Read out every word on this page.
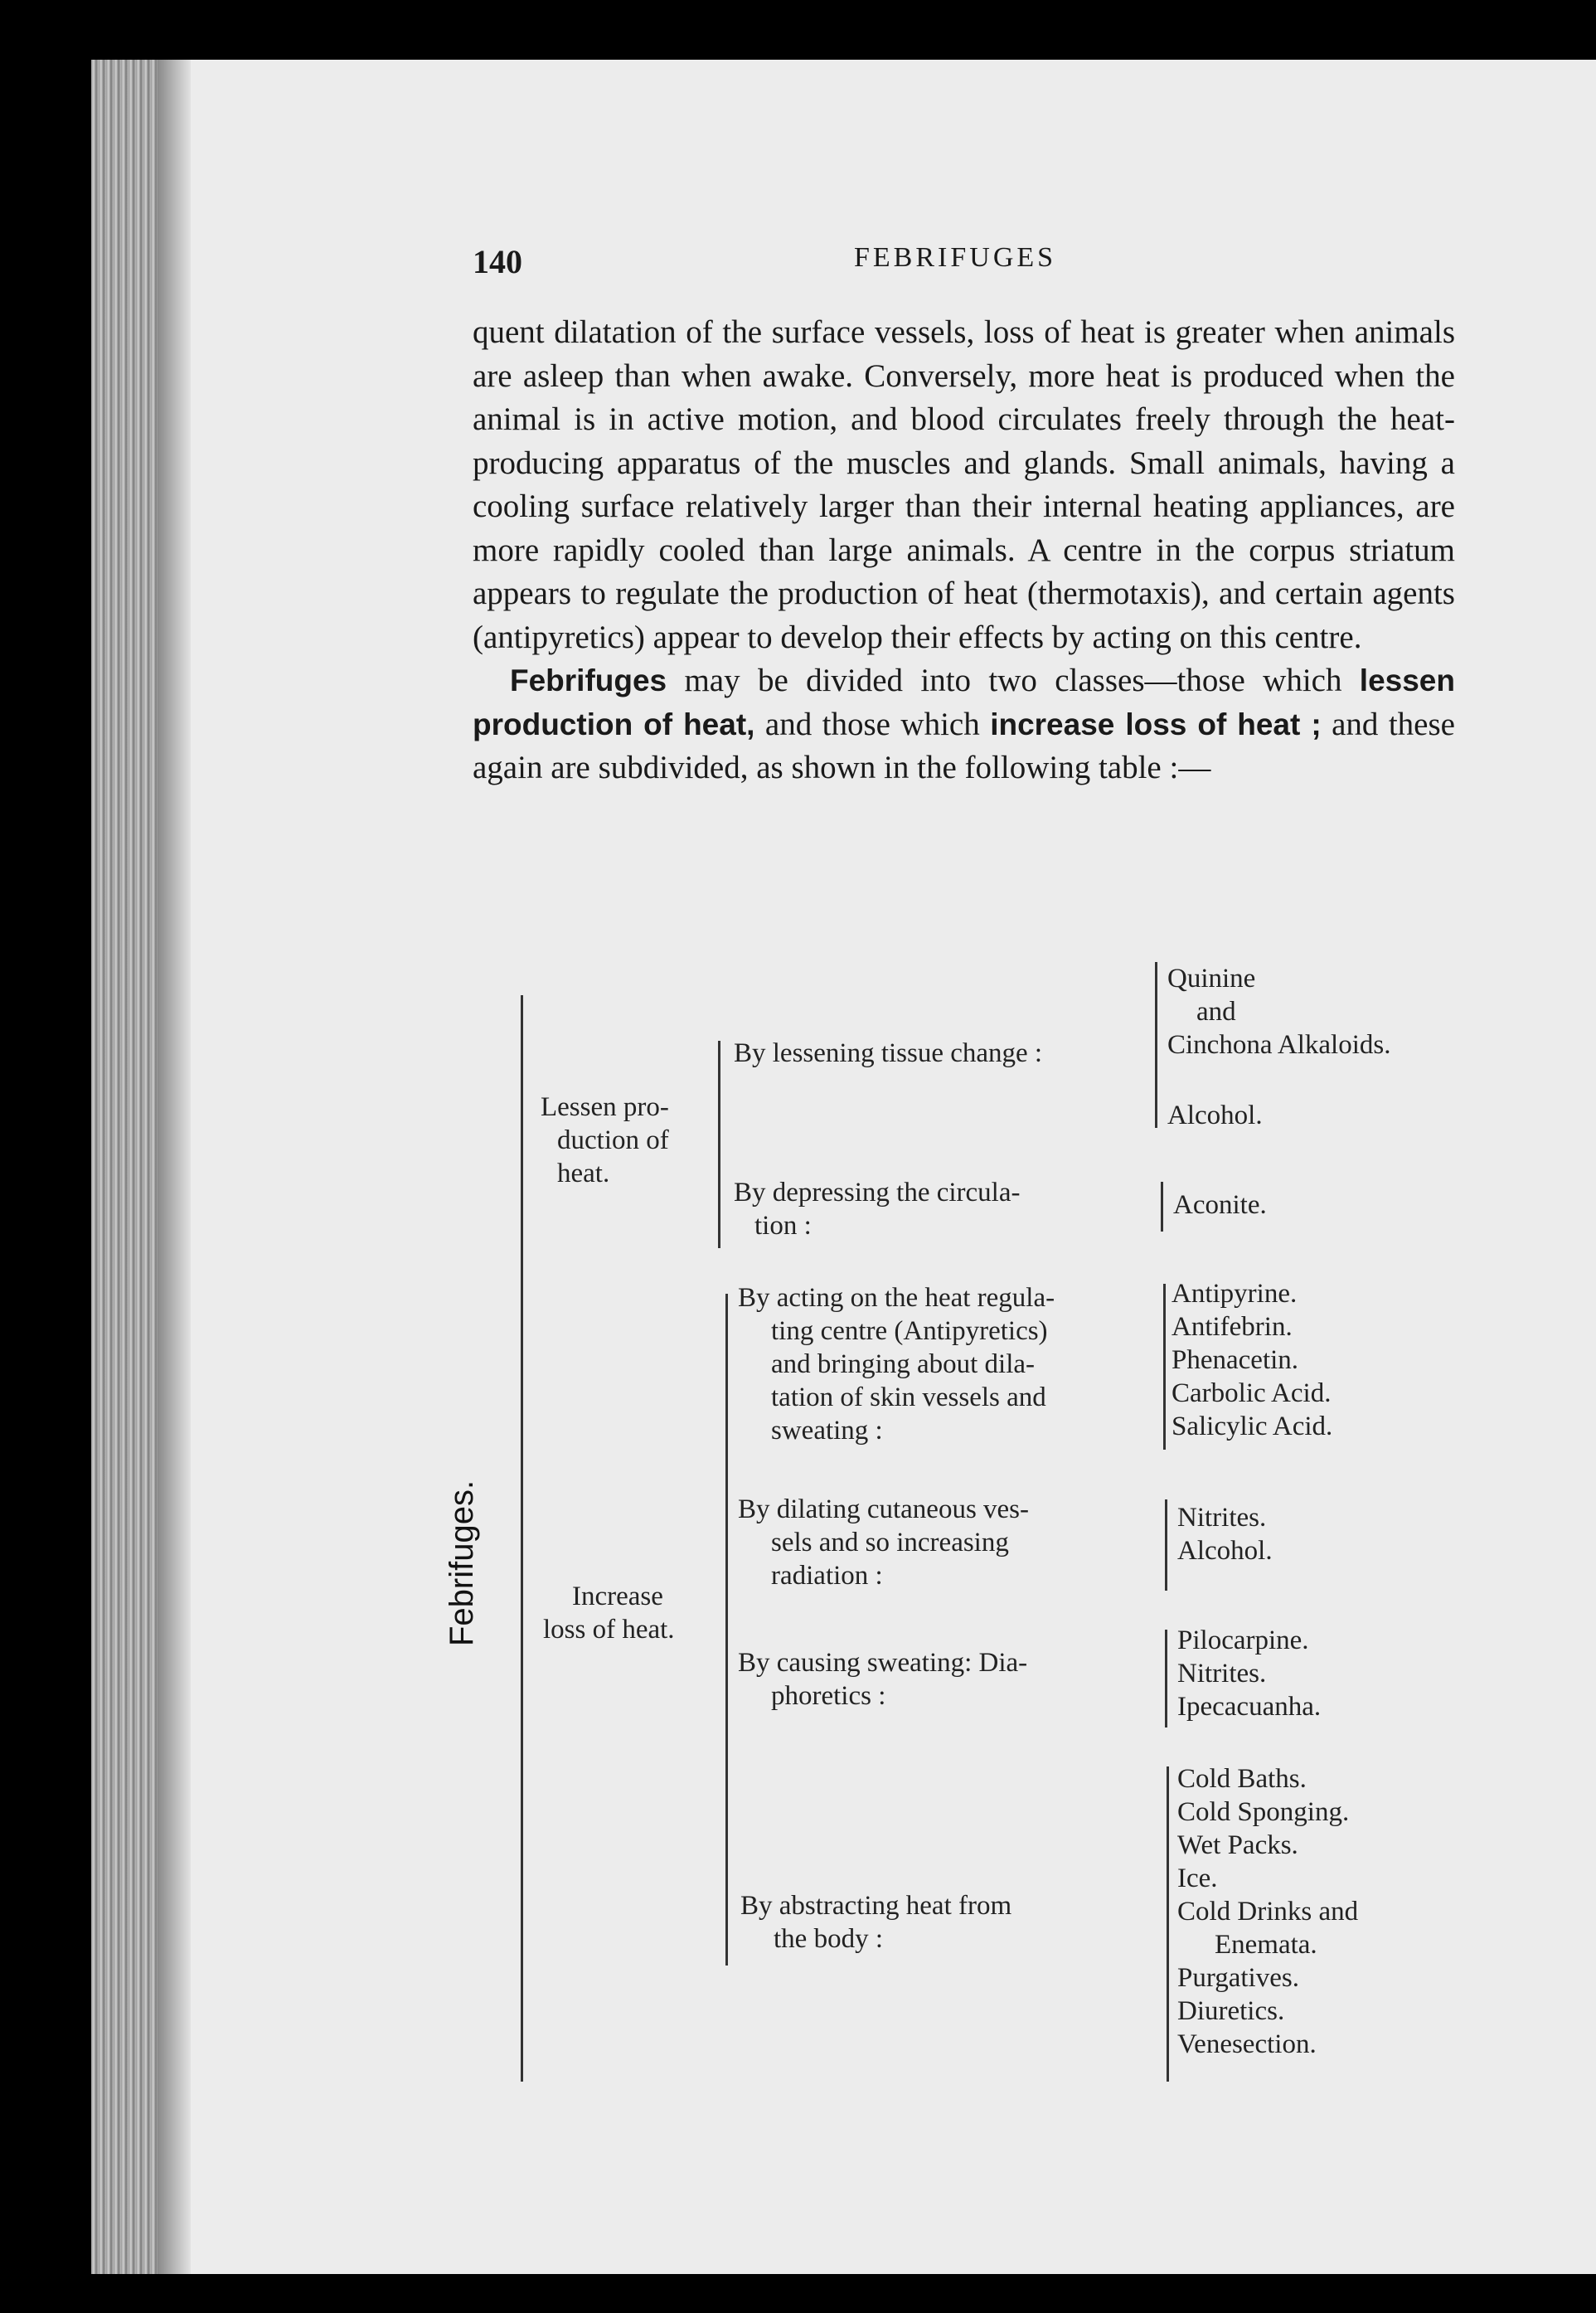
140	FEBRIFUGES

quent dilatation of the surface vessels, loss of heat is greater when animals are asleep than when awake. Conversely, more heat is produced when the animal is in active motion, and blood circulates freely through the heat-producing apparatus of the muscles and glands. Small animals, having a cooling surface relatively larger than their internal heating appliances, are more rapidly cooled than large animals. A centre in the corpus striatum appears to regulate the production of heat (thermotaxis), and certain agents (antipyretics) appear to develop their effects by acting on this centre.

Febrifuges may be divided into two classes—those which lessen production of heat, and those which increase loss of heat ; and these again are subdivided, as shown in the following table :—

Febrifuges.
Lessen pro-
duction of
heat.
By lessening tissue change :
Quinine
and
Cinchona Alkaloids.
Alcohol.
By depressing the circula-
tion :
Aconite.
Increase
loss of heat.
By acting on the heat regula-
ting centre (Antipyretics)
and bringing about dila-
tation of skin vessels and
sweating :
Antipyrine.
Antifebrin.
Phenacetin.
Carbolic Acid.
Salicylic Acid.
By dilating cutaneous ves-
sels and so increasing
radiation :
Nitrites.
Alcohol.
By causing sweating: Dia-
phoretics :
Pilocarpine.
Nitrites.
Ipecacuanha.
By abstracting heat from
the body :
Cold Baths.
Cold Sponging.
Wet Packs.
Ice.
Cold Drinks and
Enemata.
Purgatives.
Diuretics.
Venesection.
